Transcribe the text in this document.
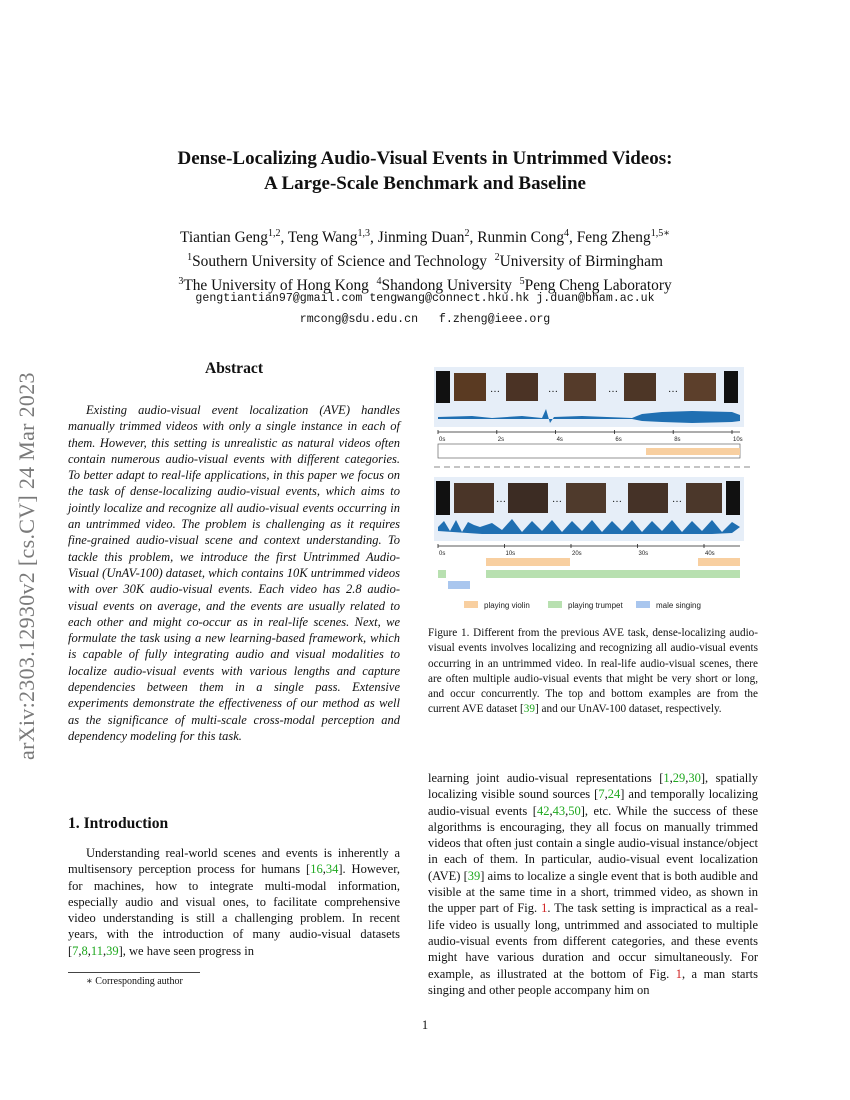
Dense-Localizing Audio-Visual Events in Untrimmed Videos:
A Large-Scale Benchmark and Baseline
Tiantian Geng$^{1,2}$, Teng Wang$^{1,3}$, Jinming Duan$^2$, Runmin Cong$^4$, Feng Zheng$^{1,5∗}$
$^1$Southern University of Science and Technology $^2$University of Birmingham
$^3$The University of Hong Kong $^4$Shandong University $^5$Peng Cheng Laboratory
gengtiantian97@gmail.com tengwang@connect.hku.hk j.duan@bham.ac.uk
rmcong@sdu.edu.cn   f.zheng@ieee.org
arXiv:2303.12930v2 [cs.CV] 24 Mar 2023
Abstract
Existing audio-visual event localization (AVE) handles manually trimmed videos with only a single instance in each of them. However, this setting is unrealistic as natural videos often contain numerous audio-visual events with different categories. To better adapt to real-life applications, in this paper we focus on the task of dense-localizing audio-visual events, which aims to jointly localize and recognize all audio-visual events occurring in an untrimmed video. The problem is challenging as it requires fine-grained audio-visual scene and context understanding. To tackle this problem, we introduce the first Untrimmed Audio-Visual (UnAV-100) dataset, which contains 10K untrimmed videos with over 30K audio-visual events. Each video has 2.8 audio-visual events on average, and the events are usually related to each other and might co-occur as in real-life scenes. Next, we formulate the task using a new learning-based framework, which is capable of fully integrating audio and visual modalities to localize audio-visual events with various lengths and capture dependencies between them in a single pass. Extensive experiments demonstrate the effectiveness of our method as well as the significance of multi-scale cross-modal perception and dependency modeling for this task.
1. Introduction

Understanding real-world scenes and events is inherently a multisensory perception process for humans [16,34]. However, for machines, how to integrate multi-modal information, especially audio and visual ones, to facilitate comprehensive video understanding is still a challenging problem. In recent years, with the introduction of many audio-visual datasets [7,8,11,39], we have seen progress in

∗ Corresponding author
…	…	…	…
0s	2s	4s	6s	8s	10s
…	…	…	…
0s	10s	20s	30s	40s
playing violin	playing trumpet	male singing
Figure 1. Different from the previous AVE task, dense-localizing audio-visual events involves localizing and recognizing all audio-visual events occurring in an untrimmed video. In real-life audio-visual scenes, there are often multiple audio-visual events that might be very short or long, and occur concurrently. The top and bottom examples are from the current AVE dataset [39] and our UnAV-100 dataset, respectively.
learning joint audio-visual representations [1,29,30], spatially localizing visible sound sources [7,24] and temporally localizing audio-visual events [42,43,50], etc. While the success of these algorithms is encouraging, they all focus on manually trimmed videos that often just contain a single audio-visual instance/object in each of them. In particular, audio-visual event localization (AVE) [39] aims to localize a single event that is both audible and visible at the same time in a short, trimmed video, as shown in the upper part of Fig. 1. The task setting is impractical as a real-life video is usually long, untrimmed and associated to multiple audio-visual events from different categories, and these events might have various duration and occur simultaneously. For example, as illustrated at the bottom of Fig. 1, a man starts singing and other people accompany him on
1
